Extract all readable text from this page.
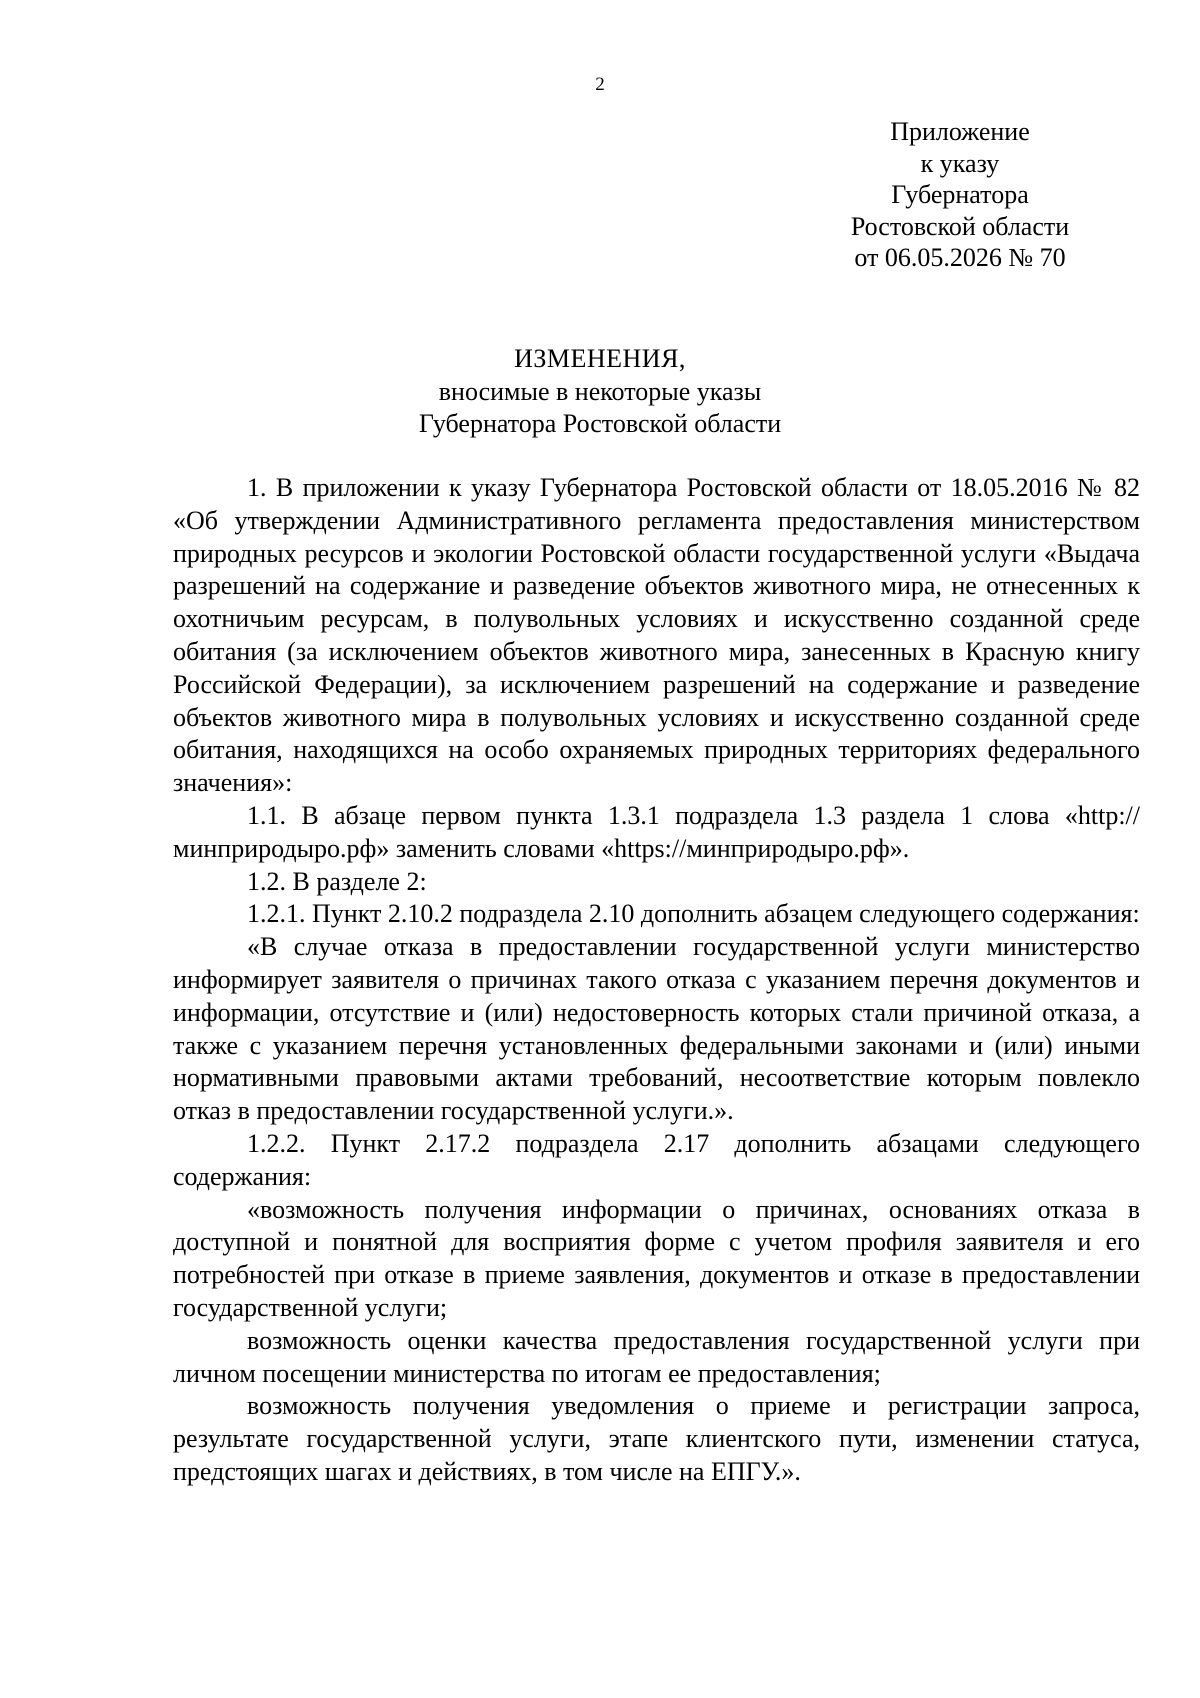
2
Приложение
к указу
Губернатора
Ростовской области
от 06.05.2026 № 70
ИЗМЕНЕНИЯ,
вносимые в некоторые указы
Губернатора Ростовской области

1. В приложении к указу Губернатора Ростовской области от 18.05.2016 № 82 «Об утверждении Административного регламента предоставления министерством природных ресурсов и экологии Ростовской области государственной услуги «Выдача разрешений на содержание и разведение объектов животного мира, не отнесенных к охотничьим ресурсам, в полувольных условиях и искусственно созданной среде обитания (за исключением объектов животного мира, занесенных в Красную книгу Российской Федерации), за исключением разрешений на содержание и разведение объектов животного мира в полувольных условиях и искусственно созданной среде обитания, находящихся на особо охраняемых природных территориях федерального значения»:

1.1. В абзаце первом пункта 1.3.1 подраздела 1.3 раздела 1 слова «http://минприродыро.рф» заменить словами «https://минприродыро.рф».

1.2. В разделе 2:

1.2.1. Пункт 2.10.2 подраздела 2.10 дополнить абзацем следующего содержания:

«В случае отказа в предоставлении государственной услуги министерство информирует заявителя о причинах такого отказа с указанием перечня документов и информации, отсутствие и (или) недостоверность которых стали причиной отказа, а также с указанием перечня установленных федеральными законами и (или) иными нормативными правовыми актами требований, несоответствие которым повлекло отказ в предоставлении государственной услуги.».

1.2.2. Пункт 2.17.2 подраздела 2.17 дополнить абзацами следующего содержания:

«возможность получения информации о причинах, основаниях отказа в доступной и понятной для восприятия форме с учетом профиля заявителя и его потребностей при отказе в приеме заявления, документов и отказе в предоставлении государственной услуги;

возможность оценки качества предоставления государственной услуги при личном посещении министерства по итогам ее предоставления;

возможность получения уведомления о приеме и регистрации запроса, результате государственной услуги, этапе клиентского пути, изменении статуса, предстоящих шагах и действиях, в том числе на ЕПГУ.».
